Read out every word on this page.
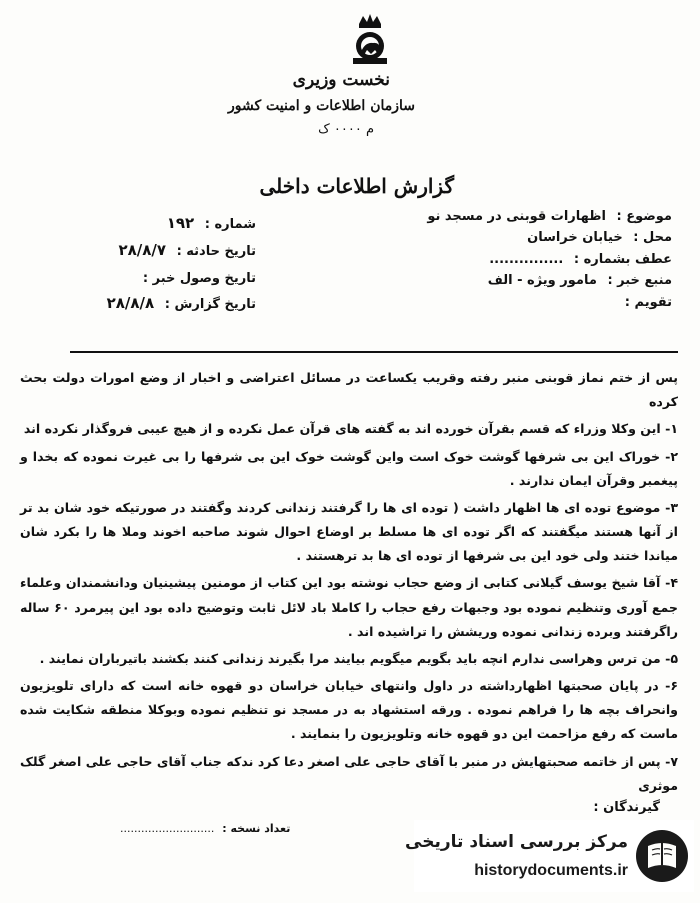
نخست وزیری
سازمان اطلاعات و امنیت کشور
م ۰۰۰۰ ک
گزارش اطلاعات داخلی
موضوع : اظهارات قوبنی در مسجد نو
محل : خیابان خراسان
عطف بشماره : ...............
منبع خبر : مامور ویژه - الف
تقویم :
شماره : ۱۹۲
تاریخ حادثه : ۲۸/۸/۷
تاریخ وصول خبر :
تاریخ گزارش : ۲۸/۸/۸

پس از ختم نماز قوبنی منبر رفته وقریب یکساعت در مسائل اعتراضی و اخبار از وضع امورات دولت بحث کرده

۱- این وکلا وزراء که قسم بقرآن خورده اند به گفته های قرآن عمل نکرده و از هیچ عیبی فروگذار نکرده اند

۲- خوراک این بی شرفها گوشت خوک است واین گوشت خوک این بی شرفها را بی غیرت نموده که بخدا و پیغمبر وقرآن ایمان ندارند .

۳- موضوع توده ای ها اظهار داشت ( توده ای ها را گرفتند زندانی کردند وگفتند در صورتیکه خود شان بد تر از آنها هستند میگفتند که اگر توده ای ها مسلط بر اوضاع احوال شوند صاحبه اخوند وملا ها را بکرد شان میاندا ختند ولی خود این بی شرفها از توده ای ها بد ترهستند .

۴- آقا شیخ یوسف گیلانی کتابی از وضع حجاب نوشته بود این کتاب از مومنین پیشینیان ودانشمندان وعلماء جمع آوری وتنظیم نموده بود وجبهات رفع حجاب را کاملا باد لائل ثابت وتوضیح داده بود این پیرمرد ۶۰ ساله راگرفتند وبرده زندانی نموده وریشش را تراشیده اند .

۵- من ترس وهراسی ندارم انچه باید بگویم میگویم بیایند مرا بگیرند زندانی کنند بکشند باتیرباران نمایند .

۶- در پایان صحبتها اظهارداشته در داول وانتهای خیابان خراسان دو قهوه خانه است که دارای تلویزیون وانحراف بچه ها را فراهم نموده . ورقه استشهاد به در مسجد نو تنظیم نموده وبوکلا منطقه شکایت شده ماست که رفع مزاحمت این دو قهوه خانه وتلویزیون را بنمایند .

۷- پس از خاتمه صحبتهایش در منبر با آقای حاجی علی اصغر دعا کرد ندکه جناب آقای حاجی علی اصغر گلک موثری

گیرندگان :
تعداد نسخه : ...........................
مرکز بررسی اسناد تاریخی
historydocuments.ir
